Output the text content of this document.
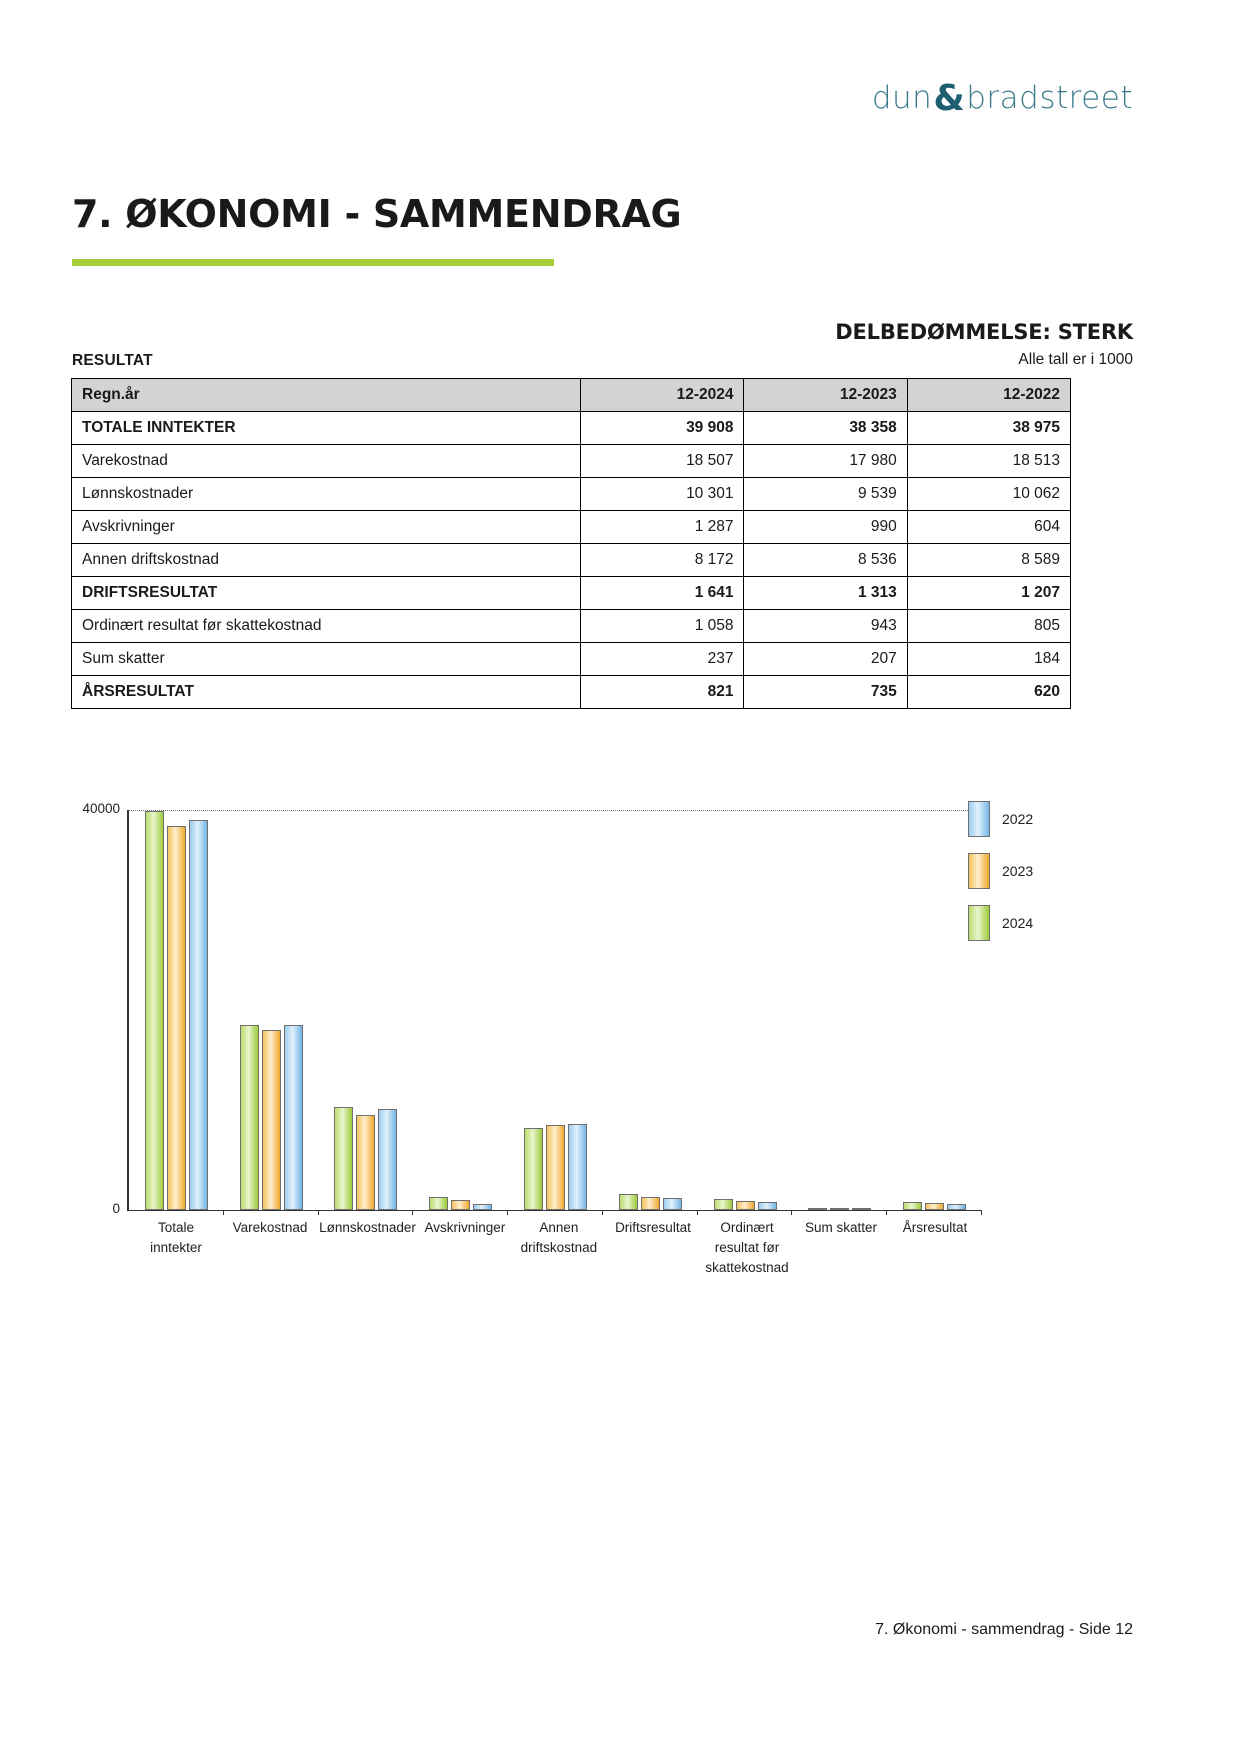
dun&bradstreet
7. ØKONOMI - SAMMENDRAG
DELBEDØMMELSE: STERK
RESULTAT	Alle tall er i 1000
Regn.år	12-2024	12-2023	12-2022
TOTALE INNTEKTER	39 908	38 358	38 975
Varekostnad	18 507	17 980	18 513
Lønnskostnader	10 301	9 539	10 062
Avskrivninger	1 287	990	604
Annen driftskostnad	8 172	8 536	8 589
DRIFTSRESULTAT	1 641	1 313	1 207
Ordinært resultat før skattekostnad	1 058	943	805
Sum skatter	237	207	184
ÅRSRESULTAT	821	735	620
40000
0
Totale inntekter
Varekostnad Lønnskostnader Avskrivninger	Annen driftskostnad
Driftsresultat	Ordinært resultat før skattekostnad
Sum skatter	Årsresultat
2022
2023
2024
7. Økonomi - sammendrag - Side 12
